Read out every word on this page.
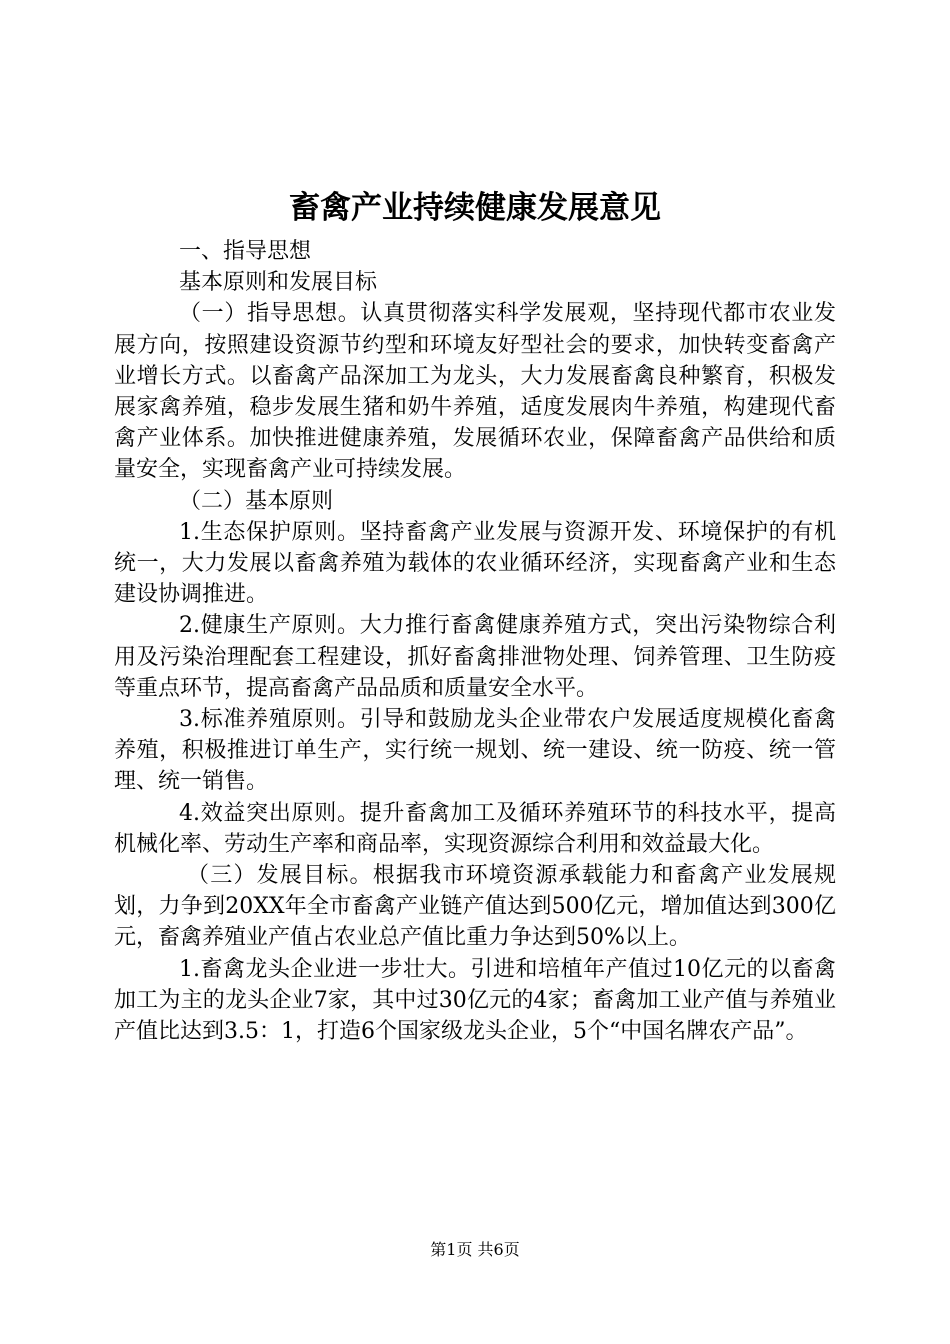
畜禽产业持续健康发展意见

一、指导思想

基本原则和发展目标

（一）指导思想。认真贯彻落实科学发展观，坚持现代都市农业发展方向，按照建设资源节约型和环境友好型社会的要求，加快转变畜禽产业增长方式。以畜禽产品深加工为龙头，大力发展畜禽良种繁育，积极发展家禽养殖，稳步发展生猪和奶牛养殖，适度发展肉牛养殖，构建现代畜禽产业体系。加快推进健康养殖，发展循环农业，保障畜禽产品供给和质量安全，实现畜禽产业可持续发展。

（二）基本原则

1.生态保护原则。坚持畜禽产业发展与资源开发、环境保护的有机统一，大力发展以畜禽养殖为载体的农业循环经济，实现畜禽产业和生态建设协调推进。

2.健康生产原则。大力推行畜禽健康养殖方式，突出污染物综合利用及污染治理配套工程建设，抓好畜禽排泄物处理、饲养管理、卫生防疫等重点环节，提高畜禽产品品质和质量安全水平。

3.标准养殖原则。引导和鼓励龙头企业带农户发展适度规模化畜禽养殖，积极推进订单生产，实行统一规划、统一建设、统一防疫、统一管理、统一销售。

4.效益突出原则。提升畜禽加工及循环养殖环节的科技水平，提高机械化率、劳动生产率和商品率，实现资源综合利用和效益最大化。

（三）发展目标。根据我市环境资源承载能力和畜禽产业发展规划，力争到20XX年全市畜禽产业链产值达到500亿元，增加值达到300亿元，畜禽养殖业产值占农业总产值比重力争达到50%以上。

1.畜禽龙头企业进一步壮大。引进和培植年产值过10亿元的以畜禽加工为主的龙头企业7家，其中过30亿元的4家；畜禽加工业产值与养殖业产值比达到3.5：1，打造6个国家级龙头企业，5个“中国名牌农产品”。

第1页 共6页
